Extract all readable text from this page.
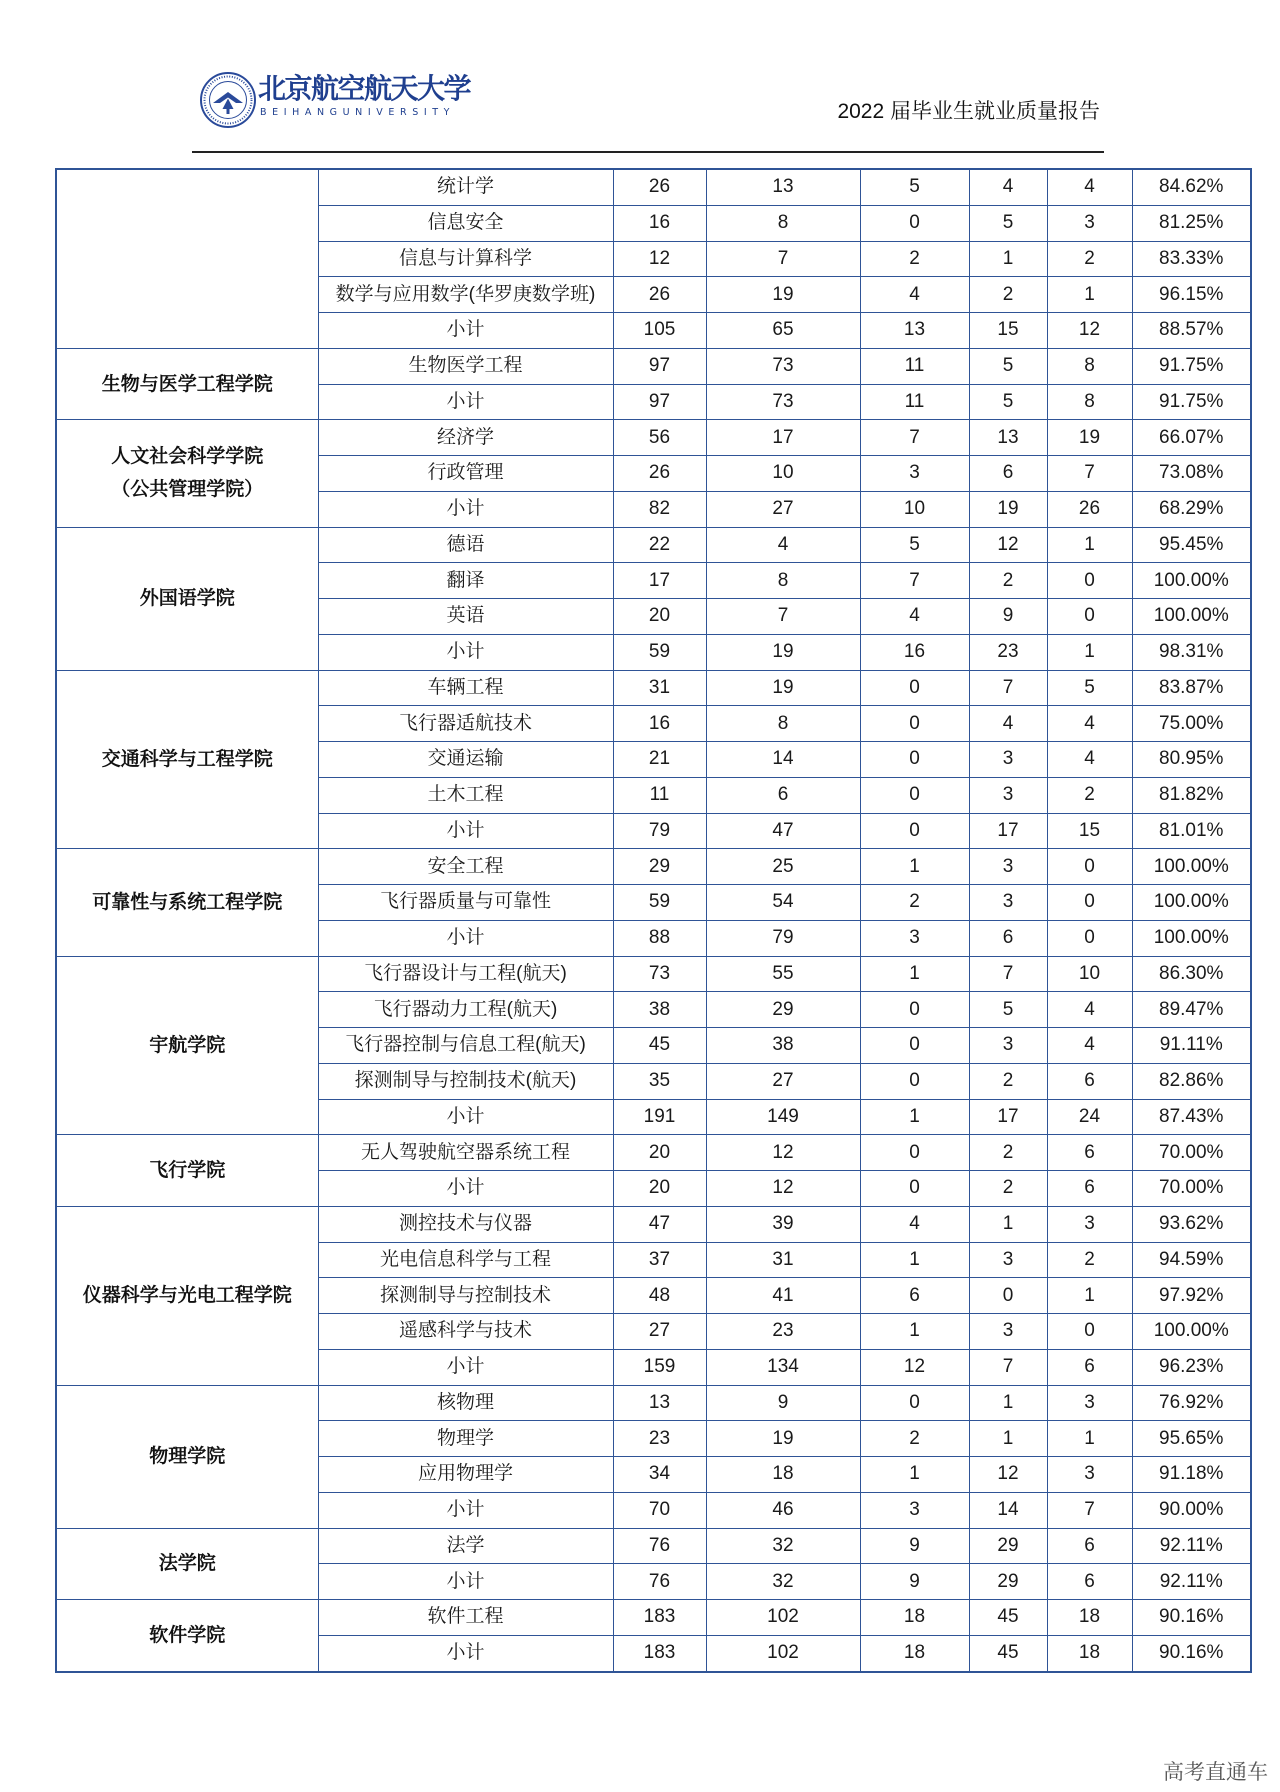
北京航空航天大学
BEIHANGUNIVERSITY	2022 届毕业生就业质量报告
	统计学	26	13	5	4	4	84.62%
	信息安全	16	8	0	5	3	81.25%
	信息与计算科学	12	7	2	1	2	83.33%
	数学与应用数学(华罗庚数学班)	26	19	4	2	1	96.15%
	小计	105	65	13	15	12	88.57%

生物与医学工程学院	生物医学工程	97	73	11	5	8	91.75%
	小计	97	73	11	5	8	91.75%

人文社会科学学院
（公共管理学院）	经济学	56	17	7	13	19	66.07%
	行政管理	26	10	3	6	7	73.08%
	小计	82	27	10	19	26	68.29%

外国语学院	德语	22	4	5	12	1	95.45%
	翻译	17	8	7	2	0	100.00%
	英语	20	7	4	9	0	100.00%
	小计	59	19	16	23	1	98.31%

交通科学与工程学院	车辆工程	31	19	0	7	5	83.87%
	飞行器适航技术	16	8	0	4	4	75.00%
	交通运输	21	14	0	3	4	80.95%
	土木工程	11	6	0	3	2	81.82%
	小计	79	47	0	17	15	81.01%

可靠性与系统工程学院	安全工程	29	25	1	3	0	100.00%
	飞行器质量与可靠性	59	54	2	3	0	100.00%
	小计	88	79	3	6	0	100.00%

宇航学院	飞行器设计与工程(航天)	73	55	1	7	10	86.30%
	飞行器动力工程(航天)	38	29	0	5	4	89.47%
	飞行器控制与信息工程(航天)	45	38	0	3	4	91.11%
	探测制导与控制技术(航天)	35	27	0	2	6	82.86%
	小计	191	149	1	17	24	87.43%

飞行学院	无人驾驶航空器系统工程	20	12	0	2	6	70.00%
	小计	20	12	0	2	6	70.00%

仪器科学与光电工程学院	测控技术与仪器	47	39	4	1	3	93.62%
	光电信息科学与工程	37	31	1	3	2	94.59%
	探测制导与控制技术	48	41	6	0	1	97.92%
	遥感科学与技术	27	23	1	3	0	100.00%
	小计	159	134	12	7	6	96.23%

物理学院	核物理	13	9	0	1	3	76.92%
	物理学	23	19	2	1	1	95.65%
	应用物理学	34	18	1	12	3	91.18%
	小计	70	46	3	14	7	90.00%

法学院	法学	76	32	9	29	6	92.11%
	小计	76	32	9	29	6	92.11%

软件学院	软件工程	183	102	18	45	18	90.16%
	小计	183	102	18	45	18	90.16%
高考直通车
